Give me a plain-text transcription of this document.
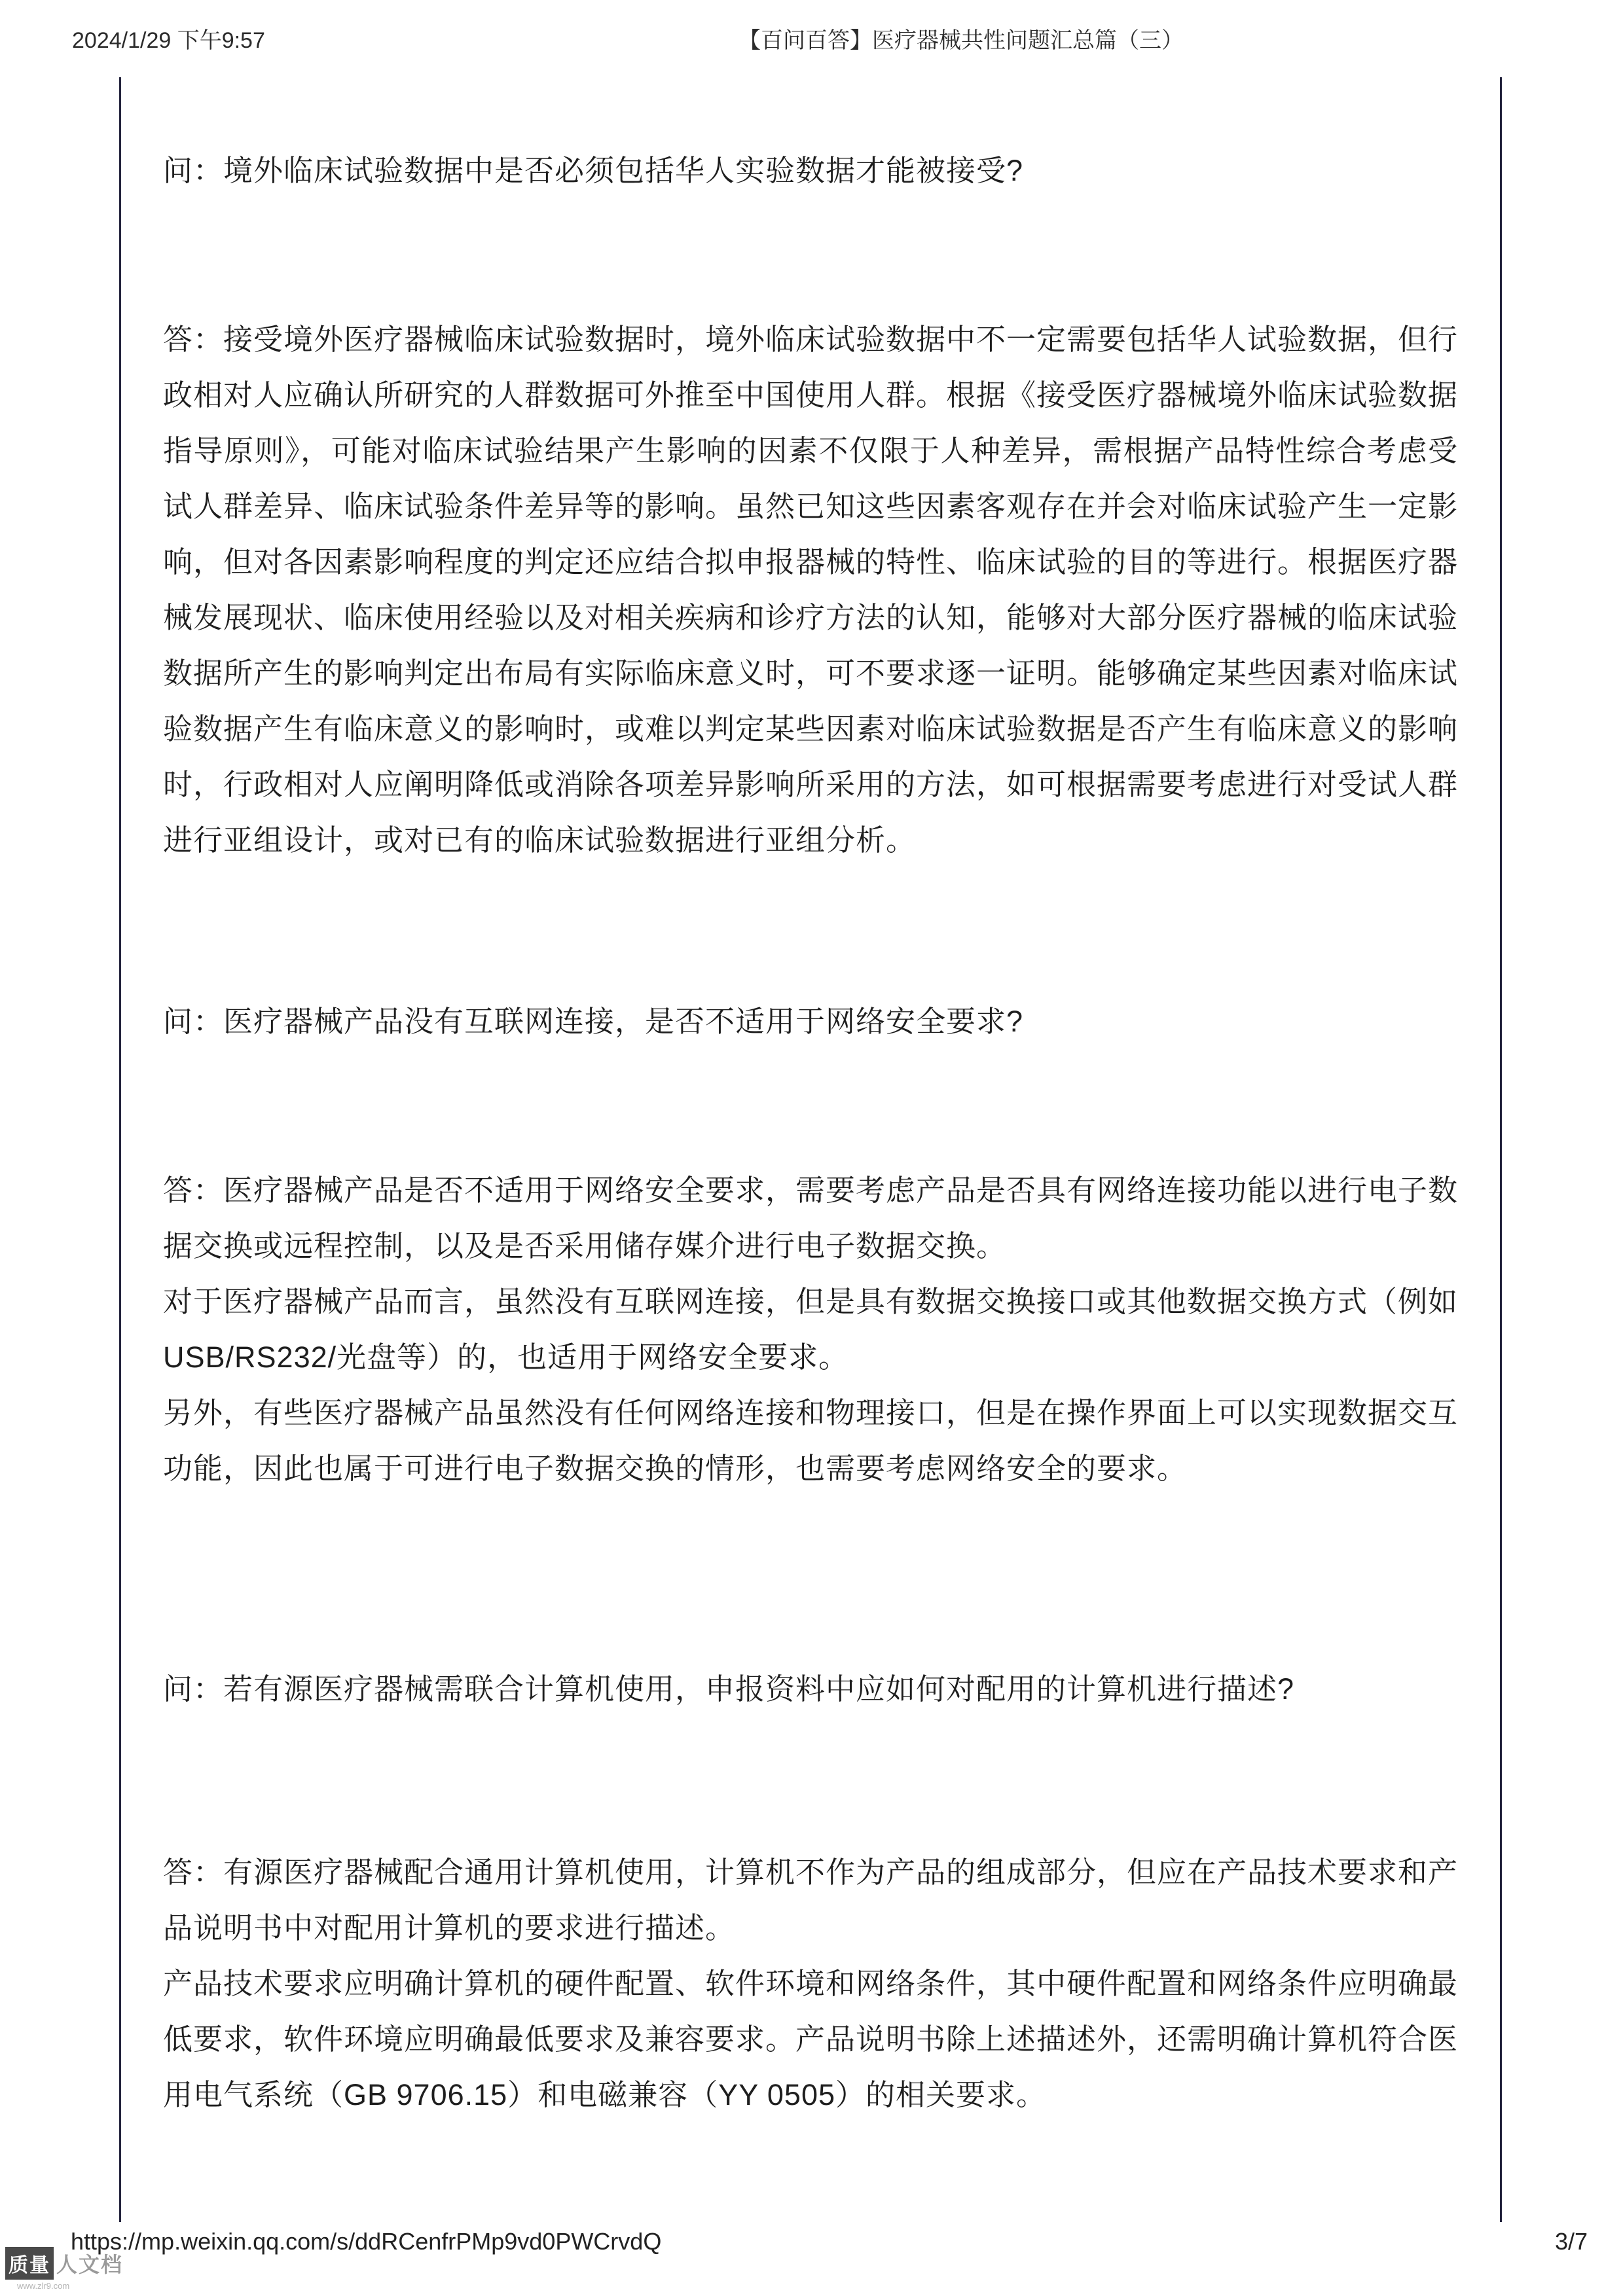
2024/1/29 下午9:57	【百问百答】医疗器械共性问题汇总篇（三）
问：境外临床试验数据中是否必须包括华人实验数据才能被接受?

答：接受境外医疗器械临床试验数据时，境外临床试验数据中不一定需要包括华人试验数据，但行政相对人应确认所研究的人群数据可外推至中国使用人群。根据《接受医疗器械境外临床试验数据指导原则》，可能对临床试验结果产生影响的因素不仅限于人种差异，需根据产品特性综合考虑受试人群差异、临床试验条件差异等的影响。虽然已知这些因素客观存在并会对临床试验产生一定影响，但对各因素影响程度的判定还应结合拟申报器械的特性、临床试验的目的等进行。根据医疗器械发展现状、临床使用经验以及对相关疾病和诊疗方法的认知，能够对大部分医疗器械的临床试验数据所产生的影响判定出布局有实际临床意义时，可不要求逐一证明。能够确定某些因素对临床试验数据产生有临床意义的影响时，或难以判定某些因素对临床试验数据是否产生有临床意义的影响时，行政相对人应阐明降低或消除各项差异影响所采用的方法，如可根据需要考虑进行对受试人群进行亚组设计，或对已有的临床试验数据进行亚组分析。

问：医疗器械产品没有互联网连接，是否不适用于网络安全要求?

答：医疗器械产品是否不适用于网络安全要求，需要考虑产品是否具有网络连接功能以进行电子数据交换或远程控制，以及是否采用储存媒介进行电子数据交换。

对于医疗器械产品而言，虽然没有互联网连接，但是具有数据交换接口或其他数据交换方式（例如USB/RS232/光盘等）的，也适用于网络安全要求。

另外，有些医疗器械产品虽然没有任何网络连接和物理接口，但是在操作界面上可以实现数据交互功能，因此也属于可进行电子数据交换的情形，也需要考虑网络安全的要求。

问：若有源医疗器械需联合计算机使用，申报资料中应如何对配用的计算机进行描述?

答：有源医疗器械配合通用计算机使用，计算机不作为产品的组成部分，但应在产品技术要求和产品说明书中对配用计算机的要求进行描述。

产品技术要求应明确计算机的硬件配置、软件环境和网络条件，其中硬件配置和网络条件应明确最低要求，软件环境应明确最低要求及兼容要求。产品说明书除上述描述外，还需明确计算机符合医用电气系统（GB 9706.15）和电磁兼容（YY 0505）的相关要求。

https://mp.weixin.qq.com/s/ddRCenfrPMp9vd0PWCrvdQ	3/7
质量 人文档
www.zlr9.com
